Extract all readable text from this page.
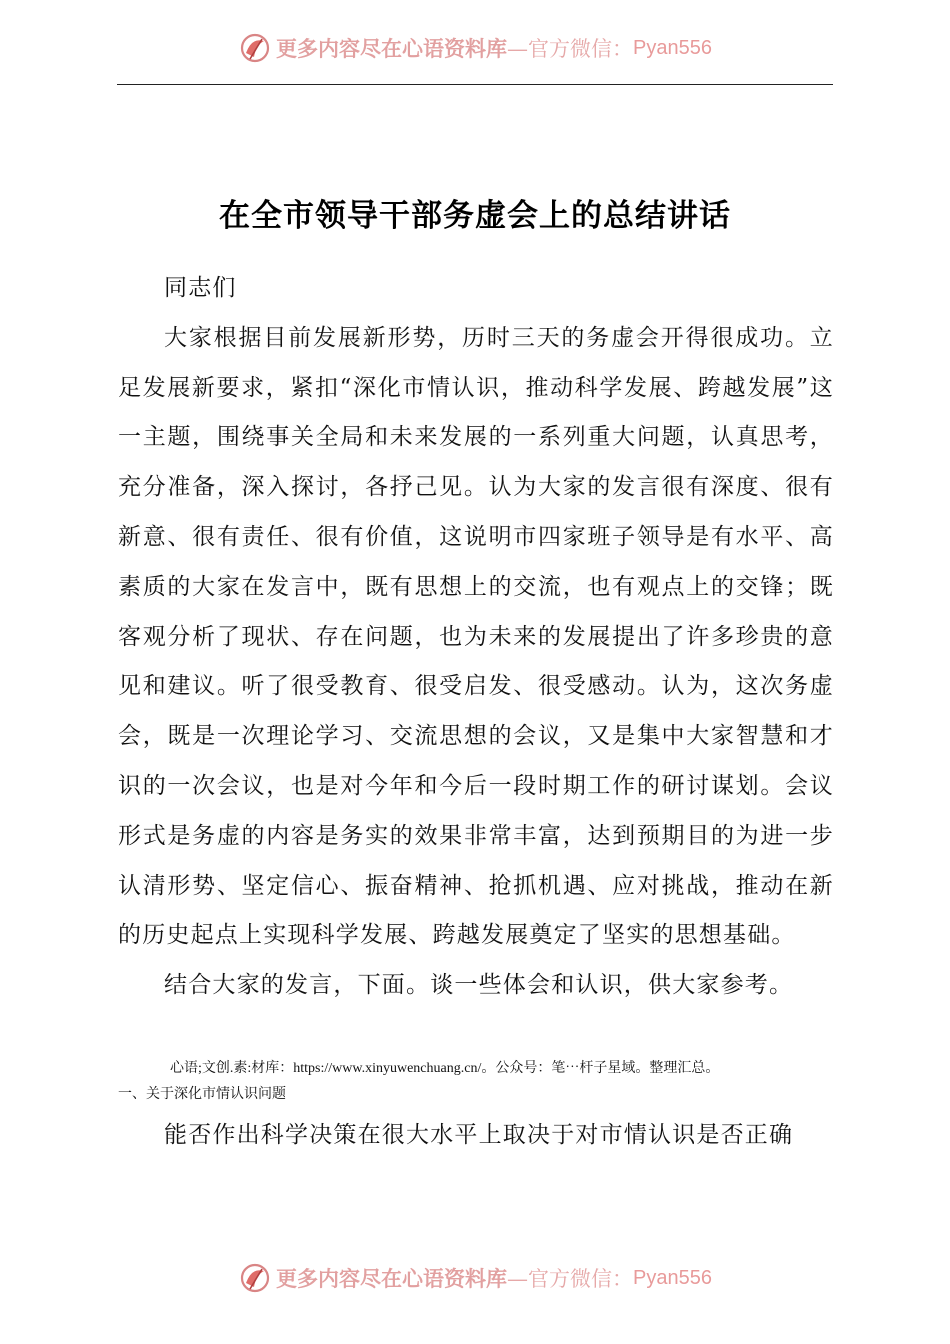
更多内容尽在心语资料库 —官方微信： Pyan556
在全市领导干部务虚会上的总结讲话

同志们

大家根据目前发展新形势，历时三天的务虚会开得很成功。立足发展新要求，紧扣“深化市情认识，推动科学发展、跨越发展”这一主题，围绕事关全局和未来发展的一系列重大问题，认真思考，充分准备，深入探讨，各抒己见。认为大家的发言很有深度、很有新意、很有责任、很有价值，这说明市四家班子领导是有水平、高素质的大家在发言中，既有思想上的交流，也有观点上的交锋；既客观分析了现状、存在问题，也为未来的发展提出了许多珍贵的意见和建议。听了很受教育、很受启发、很受感动。认为，这次务虚会，既是一次理论学习、交流思想的会议，又是集中大家智慧和才识的一次会议，也是对今年和今后一段时期工作的研讨谋划。会议形式是务虚的内容是务实的效果非常丰富，达到预期目的为进一步认清形势、坚定信心、振奋精神、抢抓机遇、应对挑战，推动在新的历史起点上实现科学发展、跨越发展奠定了坚实的思想基础。

结合大家的发言，下面。谈一些体会和认识，供大家参考。

心语;文创.素:材库：https://www.xinyuwenchuang.cn/。公众号：笔⋯杆子星域。整理汇总。
一、关于深化市情认识问题

能否作出科学决策在很大水平上取决于对市情认识是否正确

更多内容尽在心语资料库 —官方微信： Pyan556
